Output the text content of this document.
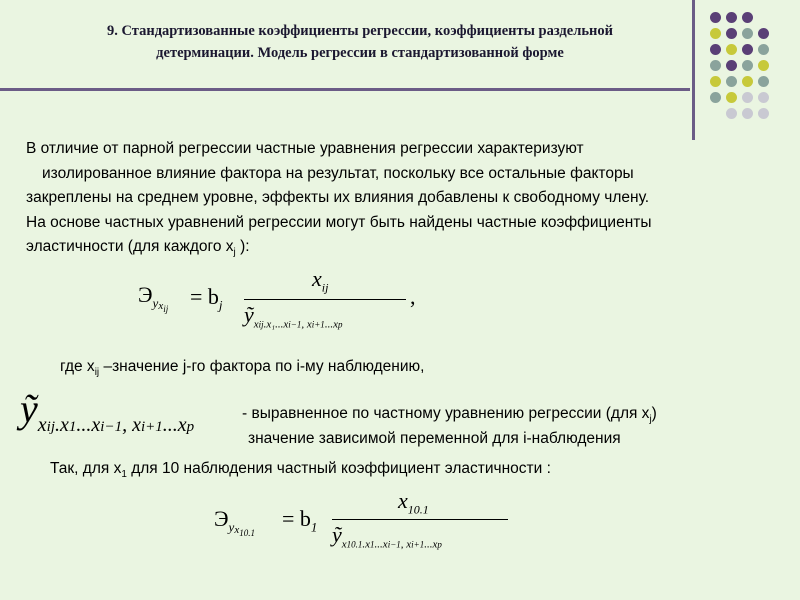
9. Стандартизованные коэффициенты регрессии, коэффициенты раздельной
детерминации. Модель регрессии в стандартизованной форме

В отличие от парной регрессии частные уравнения регрессии характеризуют

изолированное влияние фактора на результат, поскольку все остальные факторы

закреплены на среднем уровне, эффекты их влияния добавлены к свободному члену.

На основе частных уравнений регрессии могут быть найдены частные коэффициенты

эластичности (для каждого $x_j$ ):

$Э_{yxij}$
= $b_j$
$x_{ij}$
ỹ$_{xij.x_1...xi-1, xi+1...xp}$
,
где $x_{ij}$ –значение j-го фактора по i-му наблюдению,
ỹ$_{xij.x1...xi-1, xi+1...xp}$
- выравненное по частному уравнению регрессии (для $x_j$)
значение зависимой переменной для i-наблюдения
Так, для $x_1$ для 10 наблюдения частный коэффициент эластичности :
$Э_{yx10.1}$
= $b_1$
$x_{10.1}$
ỹ$_{x10.1.x1...xi-1, xi+1...xp}$
